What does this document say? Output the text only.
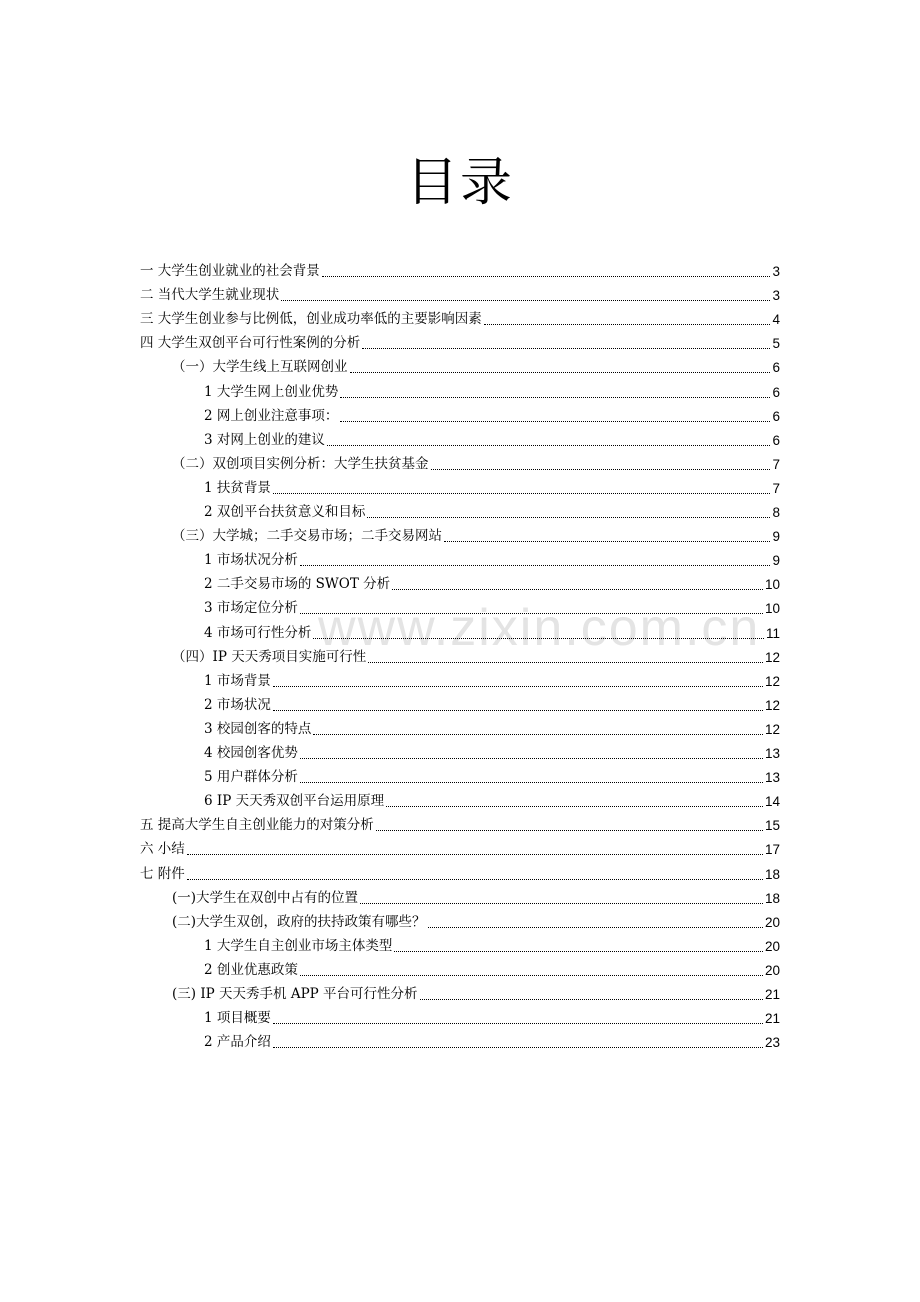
www.zixin.com.cn
目录
一 大学生创业就业的社会背景	3
二 当代大学生就业现状	3
三 大学生创业参与比例低，创业成功率低的主要影响因素	4
四 大学生双创平台可行性案例的分析	5
（一）大学生线上互联网创业	6
1 大学生网上创业优势	6
2 网上创业注意事项：	6
3 对网上创业的建议	6
（二）双创项目实例分析：大学生扶贫基金	7
1 扶贫背景	7
2 双创平台扶贫意义和目标	8
（三）大学城；二手交易市场；二手交易网站	9
1 市场状况分析	9
2 二手交易市场的 SWOT 分析	10
3 市场定位分析	10
4 市场可行性分析	11
（四）IP 天天秀项目实施可行性	12
1 市场背景	12
2 市场状况	12
3 校园创客的特点	12
4 校园创客优势	13
5 用户群体分析	13
6 IP 天天秀双创平台运用原理	14
五 提高大学生自主创业能力的对策分析	15
六 小结	17
七 附件	18
(一)大学生在双创中占有的位置	18
(二)大学生双创，政府的扶持政策有哪些？	20
1 大学生自主创业市场主体类型	20
2 创业优惠政策	20
(三) IP 天天秀手机 APP 平台可行性分析	21
1 项目概要	21
2 产品介绍	23
